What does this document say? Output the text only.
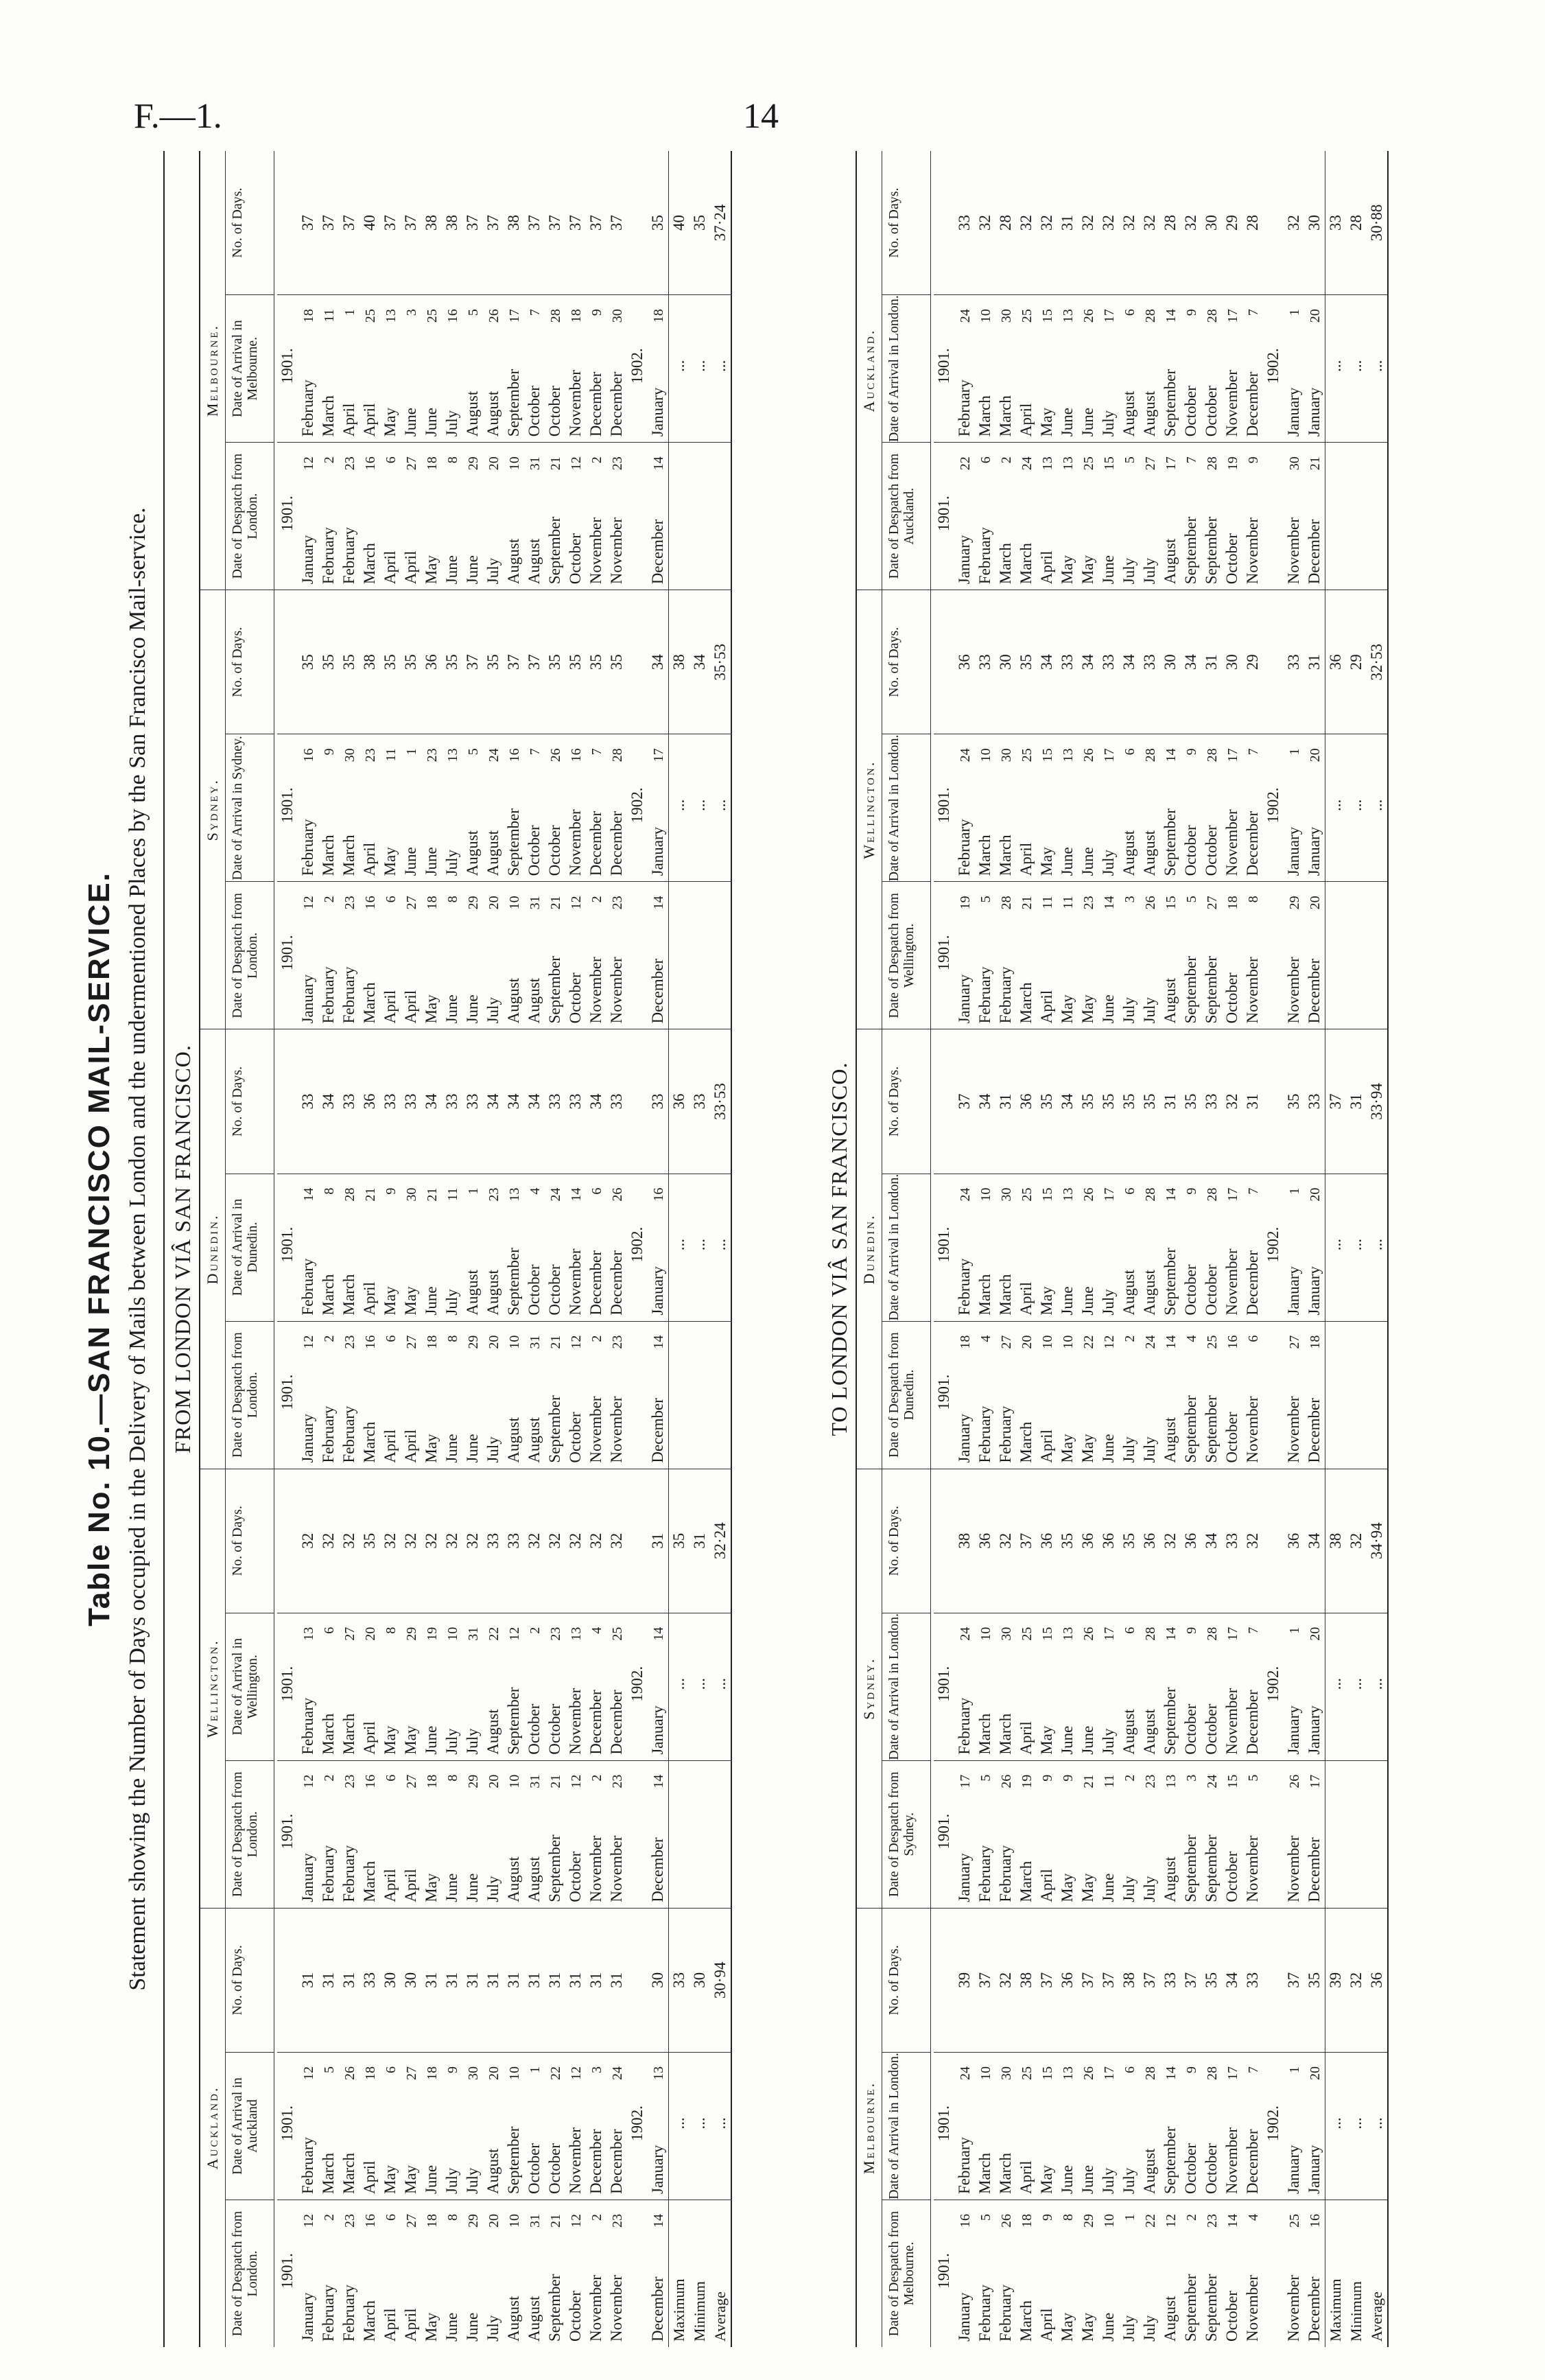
F.—1.	14
Table No. 10.—SAN FRANCISCO MAIL-SERVICE. Statement showing the Number of Days occupied in the Delivery of Mails between London and the undermentioned Places by the San Francisco Mail-service. FROM LONDON VIÂ SAN FRANCISCO.
Auckland.
Date of Despatch from London.
Date of Arrival in Auckland
No. of Days.
1901.
1901.
January12
February12
31
February2
March5
31
February23
March26
31
March16
April18
33
April6
May6
30
April27
May27
30
May18
June18
31
June8
July9
31
June29
July30
31
July20
August20
31
August10
September10
31
August31
October1
31
September21
October22
31
October12
November12
31
November2
December3
31
November23
December24
31
1902.
December14
January13
30
Maximum
...
33
Minimum
...
30
Average
...
30·94
Wellington.
Date of Despatch from London.
Date of Arrival in Wellington.
No. of Days.
1901.
1901.
January12
February13
32
February2
March6
32
February23
March27
32
March16
April20
35
April6
May8
32
April27
May29
32
May18
June19
32
June8
July10
32
June29
July31
32
July20
August22
33
August10
September12
33
August31
October2
32
September21
October23
32
October12
November13
32
November2
December4
32
November23
December25
32
1902.
December14
January14
31
...
35
...
31
...
32·24
Dunedin.
Date of Despatch from London.
Date of Arrival in Dunedin.
No. of Days.
1901.
1901.
January12
February14
33
February2
March8
34
February23
March28
33
March16
April21
36
April6
May9
33
April27
May30
33
May18
June21
34
June8
July11
33
June29
August1
33
July20
August23
34
August10
September13
34
August31
October4
34
September21
October24
33
October12
November14
33
November2
December6
34
November23
December26
33
1902.
December14
January16
33
...
36
...
33
...
33·53
Sydney.
Date of Despatch from London.
Date of Arrival in Sydney.
No. of Days.
1901.
1901.
January12
February16
35
February2
March9
35
February23
March30
35
March16
April23
38
April6
May11
35
April27
June1
35
May18
June23
36
June8
July13
35
June29
August5
37
July20
August24
35
August10
September16
37
August31
October7
37
September21
October26
35
October12
November16
35
November2
December7
35
November23
December28
35
1902.
December14
January17
34
...
38
...
34
...
35·53
Melbourne.
Date of Despatch from London.
Date of Arrival in Melbourne.
No. of Days.
1901.
1901.
January12
February18
37
February2
March11
37
February23
April1
37
March16
April25
40
April6
May13
37
April27
June3
37
May18
June25
38
June8
July16
38
June29
August5
37
July20
August26
37
August10
September17
38
August31
October7
37
September21
October28
37
October12
November18
37
November2
December9
37
November23
December30
37
1902.
December14
January18
35
...
40
...
35
...
37·24
TO LONDON VIÂ SAN FRANCISCO.
Melbourne.
Date of Despatch from Melbourne.
Date of Arrival in London.
No. of Days.
1901.
1901.
January16
February24
39
February5
March10
37
February26
March30
32
March18
April25
38
April9
May15
37
May8
June13
36
May29
June26
37
June10
July17
37
July1
July6
38
July22
August28
37
August12
September14
33
September2
October9
37
September23
October28
35
October14
November17
34
November4
December7
33
1902.
November25
January1
37
December16
January20
35
Maximum
...
39
Minimum
...
32
Average
...
36
Sydney.
Date of Despatch from Sydney.
Date of Arrival in London.
No. of Days.
1901.
1901.
January17
February24
38
February5
March10
36
February26
March30
32
March19
April25
37
April9
May15
36
May9
June13
35
May21
June26
36
June11
July17
36
July2
August6
35
July23
August28
36
August13
September14
32
September3
October9
36
September24
October28
34
October15
November17
33
November5
December7
32
1902.
November26
January1
36
December17
January20
34
...
38
...
32
...
34·94
Dunedin.
Date of Despatch from Dunedin.
Date of Arrival in London.
No. of Days.
1901.
1901.
January18
February24
37
February4
March10
34
February27
March30
31
March20
April25
36
April10
May15
35
May10
June13
34
May22
June26
35
June12
July17
35
July2
August6
35
July24
August28
35
August14
September14
31
September4
October9
35
September25
October28
33
October16
November17
32
November6
December7
31
1902.
November27
January1
35
December18
January20
33
...
37
...
31
...
33·94
Wellington.
Date of Despatch from Wellington.
Date of Arrival in London.
No. of Days.
1901.
1901.
January19
February24
36
February5
March10
33
February28
March30
30
March21
April25
35
April11
May15
34
May11
June13
33
May23
June26
34
June14
July17
33
July3
August6
34
July26
August28
33
August15
September14
30
September5
October9
34
September27
October28
31
October18
November17
30
November8
December7
29
1902.
November29
January1
33
December20
January20
31
...
36
...
29
...
32·53
Auckland.
Date of Despatch from Auckland.
Date of Arrival in London.
No. of Days.
1901.
1901.
January22
February24
33
February6
March10
32
March2
March30
28
March24
April25
32
April13
May15
32
May13
June13
31
May25
June26
32
June15
July17
32
July5
August6
32
July27
August28
32
August17
September14
28
September7
October9
32
September28
October28
30
October19
November17
29
November9
December7
28
1902.
November30
January1
32
December21
January20
30
...
33
...
28
...
30·88
